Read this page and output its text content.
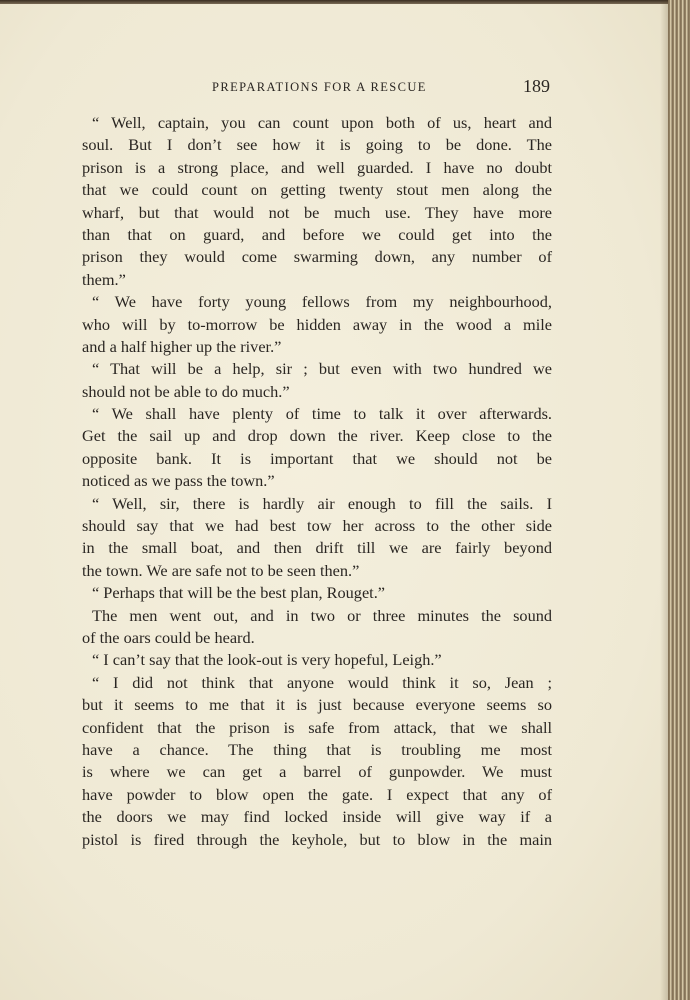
PREPARATIONS FOR A RESCUE	189
“ Well, captain, you can count upon both of us, heart and
soul. But I don’t see how it is going to be done. The
prison is a strong place, and well guarded. I have no doubt
that we could count on getting twenty stout men along the
wharf, but that would not be much use. They have more
than that on guard, and before we could get into the
prison they would come swarming down, any number of
them.”
“ We have forty young fellows from my neighbourhood,
who will by to-morrow be hidden away in the wood a mile
and a half higher up the river.”
“ That will be a help, sir ; but even with two hundred we
should not be able to do much.”
“ We shall have plenty of time to talk it over afterwards.
Get the sail up and drop down the river. Keep close to the
opposite bank. It is important that we should not be
noticed as we pass the town.”
“ Well, sir, there is hardly air enough to fill the sails. I
should say that we had best tow her across to the other side
in the small boat, and then drift till we are fairly beyond
the town. We are safe not to be seen then.”
“ Perhaps that will be the best plan, Rouget.”
The men went out, and in two or three minutes the sound
of the oars could be heard.
“ I can’t say that the look-out is very hopeful, Leigh.”
“ I did not think that anyone would think it so, Jean ;
but it seems to me that it is just because everyone seems so
confident that the prison is safe from attack, that we shall
have a chance. The thing that is troubling me most
is where we can get a barrel of gunpowder. We must
have powder to blow open the gate. I expect that any of
the doors we may find locked inside will give way if a
pistol is fired through the keyhole, but to blow in the main
